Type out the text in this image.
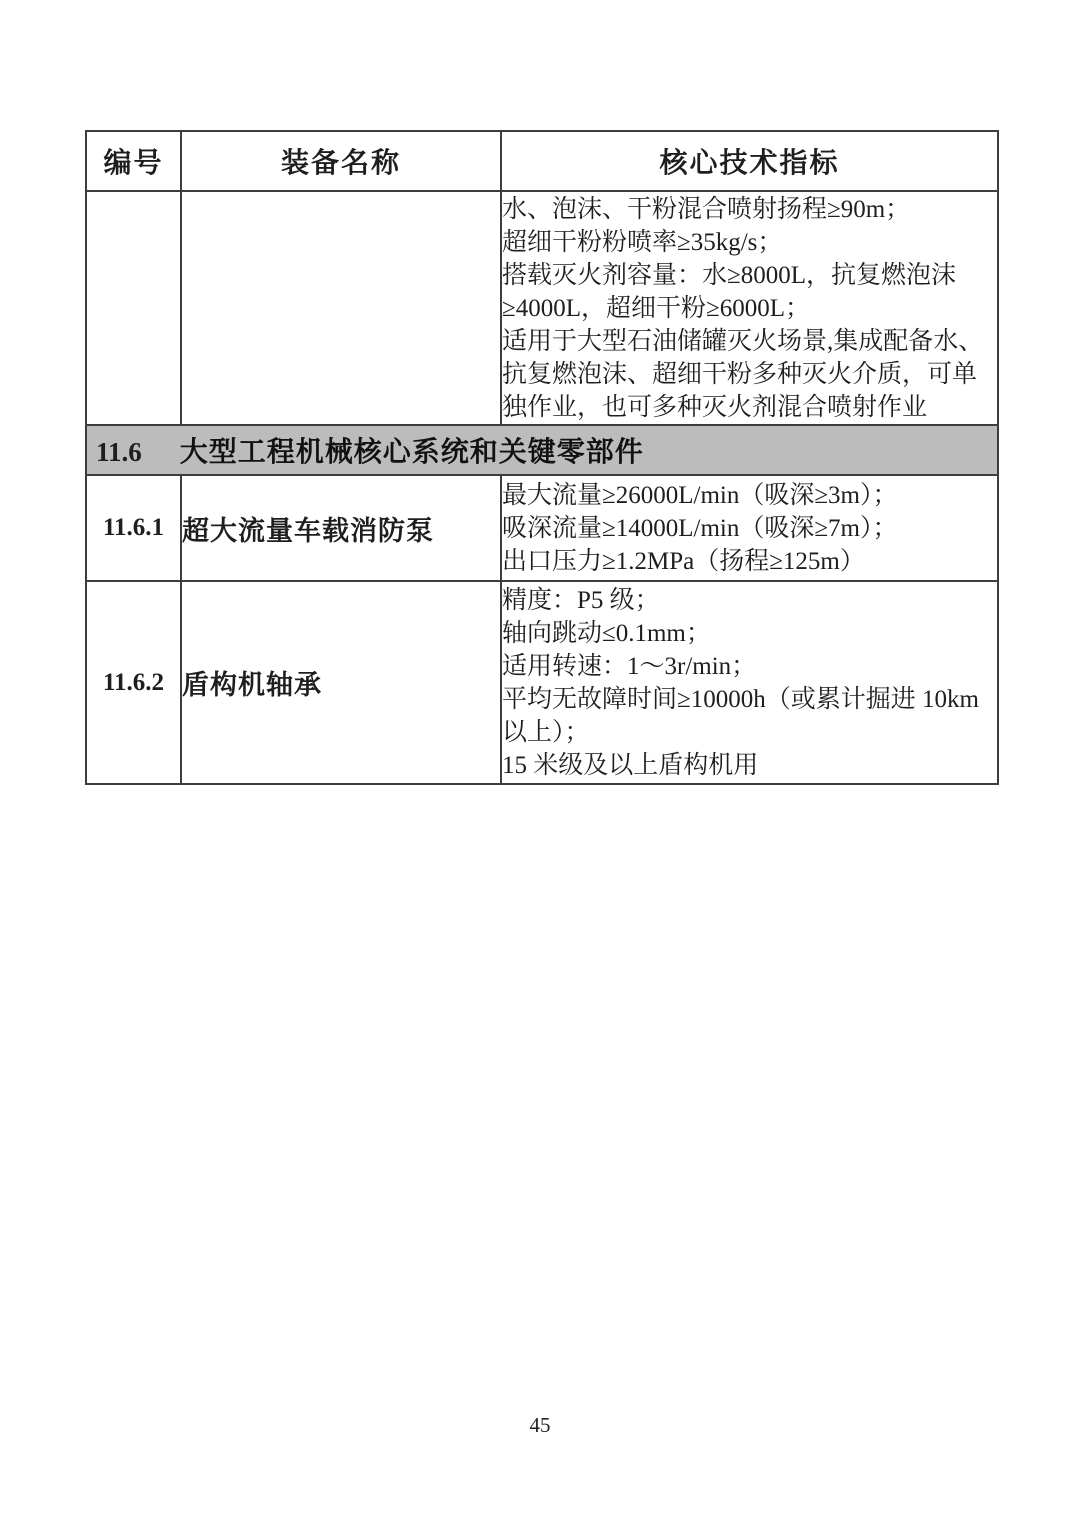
编号	装备名称	核心技术指标

		水、泡沫、干粉混合喷射扬程≥90m；
超细干粉粉喷率≥35kg/s；
搭载灭火剂容量：水≥8000L，抗复燃泡沫≥4000L，超细干粉≥6000L；
适用于大型石油储罐灭火场景,集成配备水、抗复燃泡沫、超细干粉多种灭火介质，可单独作业，也可多种灭火剂混合喷射作业

11.6 大型工程机械核心系统和关键零部件		
11.6.1	超大流量车载消防泵	最大流量≥26000L/min（吸深≥3m）；
吸深流量≥14000L/min（吸深≥7m）；
出口压力≥1.2MPa（扬程≥125m）

11.6.2	盾构机轴承	精度：P5 级；
轴向跳动≤0.1mm；
适用转速：1～3r/min；
平均无故障时间≥10000h（或累计掘进 10km 以上）；
15 米级及以上盾构机用
45
